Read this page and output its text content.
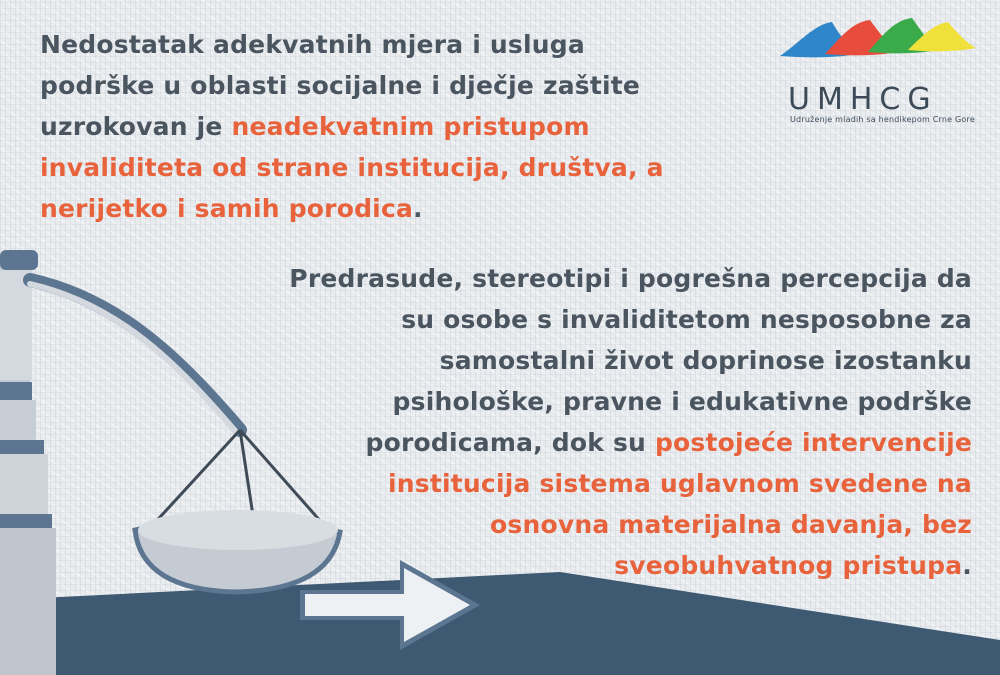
Nedostatak adekvatnih mjera i usluga podrške u oblasti socijalne i dječje zaštite uzrokovan je neadekvatnim pristupom invaliditeta od strane institucija, društva, a nerijetko i samih porodica.
Predrasude, stereotipi i pogrešna percepcija da su osobe s invaliditetom nesposobne za samostalni život doprinose izostanku psihološke, pravne i edukativne podrške porodicama, dok su postojeće intervencije institucija sistema uglavnom svedene na osnovna materijalna davanja, bez sveobuhvatnog pristupa.
UMHCG
Udruženje mladih sa hendikepom Crne Gore
